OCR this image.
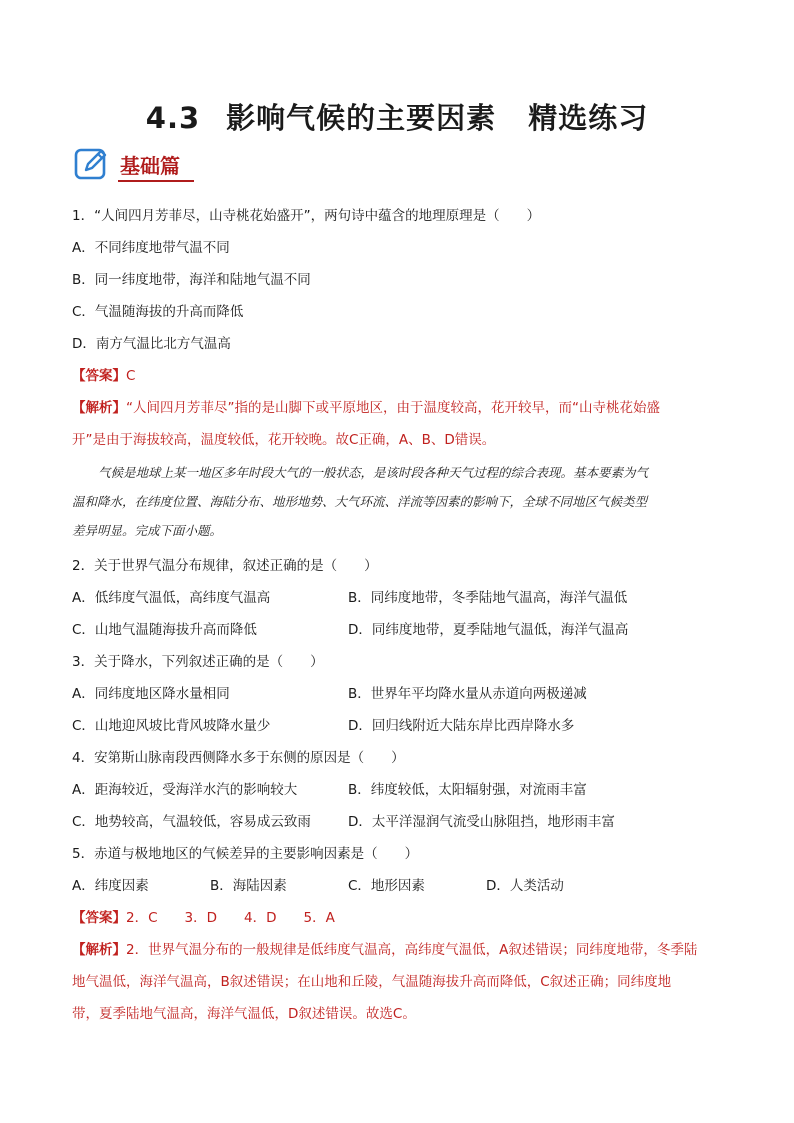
4.3 影响气候的主要因素 精选练习
基础篇
1．“人间四月芳菲尽，山寺桃花始盛开”，两句诗中蕴含的地理原理是（　　）
A．不同纬度地带气温不同
B．同一纬度地带，海洋和陆地气温不同
C．气温随海拔的升高而降低
D．南方气温比北方气温高
【答案】C
【解析】“人间四月芳菲尽”指的是山脚下或平原地区，由于温度较高，花开较早，而“山寺桃花始盛
开”是由于海拔较高，温度较低，花开较晚。故C正确，A、B、D错误。

气候是地球上某一地区多年时段大气的一般状态，是该时段各种天气过程的综合表现。基本要素为气

温和降水，在纬度位置、海陆分布、地形地势、大气环流、洋流等因素的影响下，全球不同地区气候类型

差异明显。完成下面小题。

2．关于世界气温分布规律，叙述正确的是（　　）
A．低纬度气温低，高纬度气温高	B．同纬度地带，冬季陆地气温高，海洋气温低
C．山地气温随海拔升高而降低	D．同纬度地带，夏季陆地气温低，海洋气温高
3．关于降水，下列叙述正确的是（　　）
A．同纬度地区降水量相同	B．世界年平均降水量从赤道向两极递减
C．山地迎风坡比背风坡降水量少	D．回归线附近大陆东岸比西岸降水多
4．安第斯山脉南段西侧降水多于东侧的原因是（　　）
A．距海较近，受海洋水汽的影响较大	B．纬度较低，太阳辐射强，对流雨丰富
C．地势较高，气温较低，容易成云致雨	D．太平洋湿润气流受山脉阻挡，地形雨丰富
5．赤道与极地地区的气候差异的主要影响因素是（　　）
A．纬度因素	B．海陆因素	C．地形因素	D．人类活动
【答案】2．C　　3．D　　4．D　　5．A
【解析】2．世界气温分布的一般规律是低纬度气温高，高纬度气温低，A叙述错误；同纬度地带，冬季陆
地气温低，海洋气温高，B叙述错误；在山地和丘陵，气温随海拔升高而降低，C叙述正确；同纬度地
带，夏季陆地气温高，海洋气温低，D叙述错误。故选C。
